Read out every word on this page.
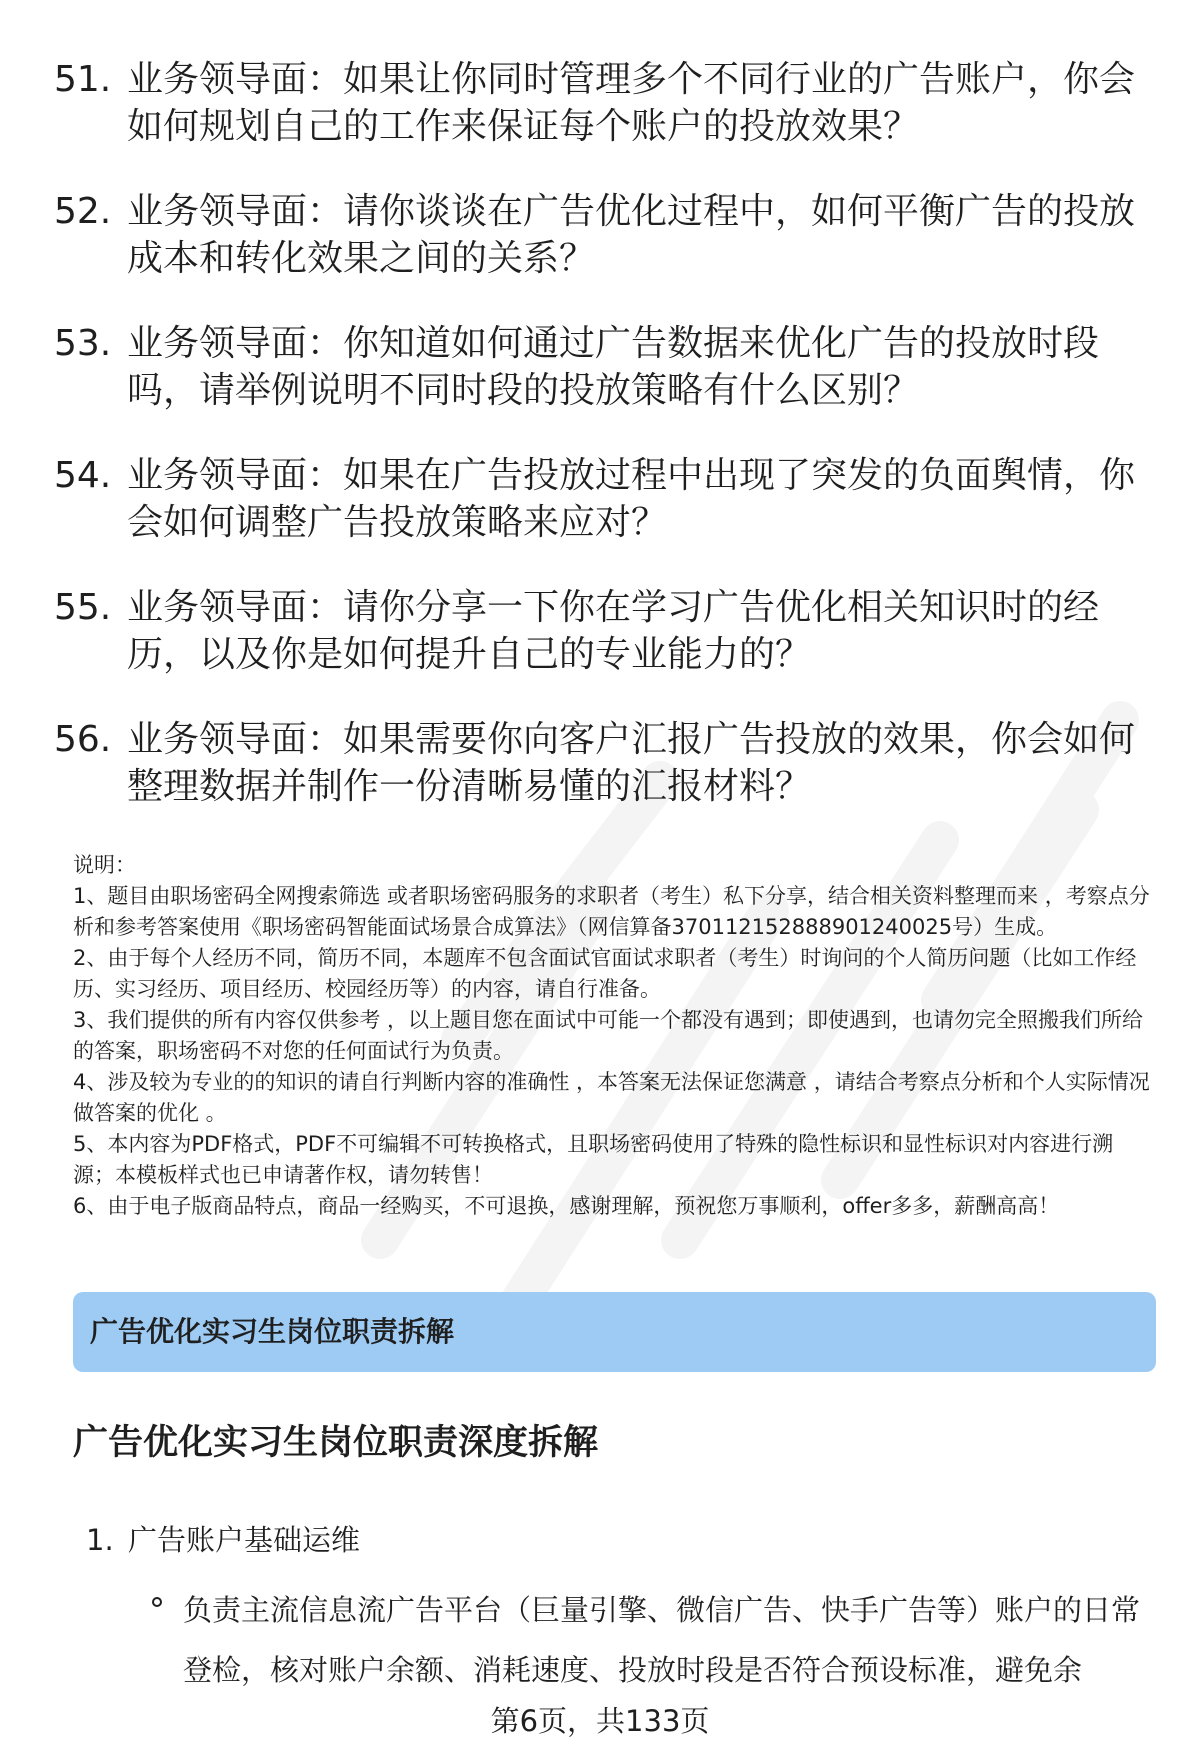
51. 业务领导面：如果让你同时管理多个不同行业的广告账户，你会如何规划自己的工作来保证每个账户的投放效果？
52. 业务领导面：请你谈谈在广告优化过程中，如何平衡广告的投放成本和转化效果之间的关系？
53. 业务领导面：你知道如何通过广告数据来优化广告的投放时段吗，请举例说明不同时段的投放策略有什么区别？
54. 业务领导面：如果在广告投放过程中出现了突发的负面舆情，你会如何调整广告投放策略来应对？
55. 业务领导面：请你分享一下你在学习广告优化相关知识时的经历，以及你是如何提升自己的专业能力的？
56. 业务领导面：如果需要你向客户汇报广告投放的效果，你会如何整理数据并制作一份清晰易懂的汇报材料？

说明：

1、题目由职场密码全网搜索筛选 或者职场密码服务的求职者（考生）私下分享，结合相关资料整理而来 ，考察点分析和参考答案使用《职场密码智能面试场景合成算法》（网信算备370112152888901240025号）生成。

2、由于每个人经历不同，简历不同，本题库不包含面试官面试求职者（考生）时询问的个人简历问题（比如工作经历、实习经历、项目经历、校园经历等）的内容，请自行准备。

3、我们提供的所有内容仅供参考 ，以上题目您在面试中可能一个都没有遇到；即使遇到，也请勿完全照搬我们所给的答案，职场密码不对您的任何面试行为负责。

4、涉及较为专业的的知识的请自行判断内容的准确性 ，本答案无法保证您满意 ，请结合考察点分析和个人实际情况做答案的优化 。

5、本内容为PDF格式，PDF不可编辑不可转换格式，且职场密码使用了特殊的隐性标识和显性标识对内容进行溯源；本模板样式也已申请著作权，请勿转售！

6、由于电子版商品特点，商品一经购买，不可退换，感谢理解，预祝您万事顺利，offer多多，薪酬高高！

广告优化实习生岗位职责拆解
广告优化实习生岗位职责深度拆解
1. 广告账户基础运维
负责主流信息流广告平台（巨量引擎、微信广告、快手广告等）账户的日常登检，核对账户余额、消耗速度、投放时段是否符合预设标准，避免余
第6页，共133页
